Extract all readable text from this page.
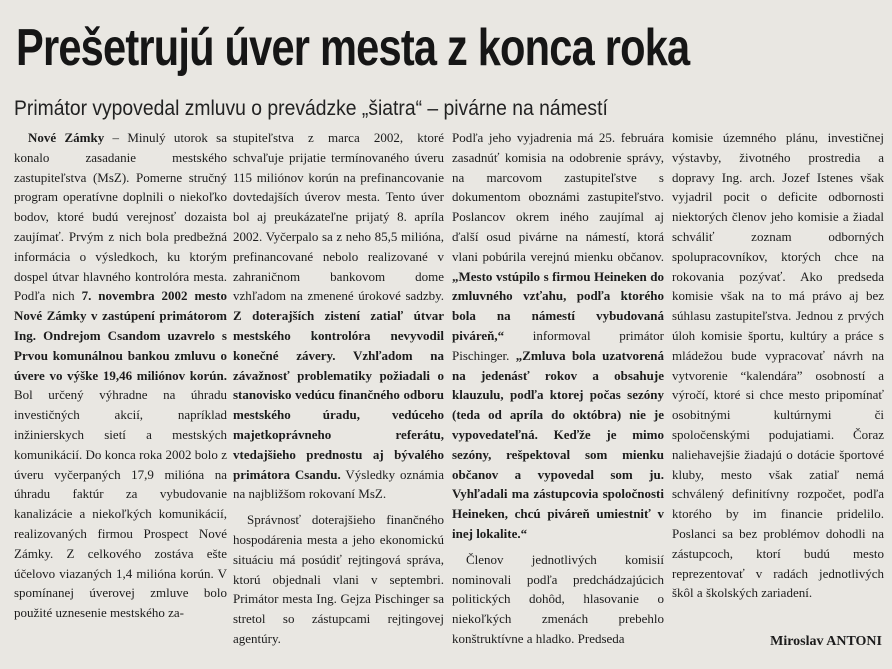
Prešetrujú úver mesta z konca roka
Primátor vypovedal zmluvu o prevádzke „šiatra“ – pivárne na námestí

Nové Zámky – Minulý utorok sa konalo zasadanie mestského zastupiteľstva (MsZ). Pomerne stručný program operatívne doplnili o niekoľko bodov, ktoré budú verejnosť dozaista zaujímať. Prvým z nich bola predbežná informácia o výsledkoch, ku ktorým dospel útvar hlavného kontrolóra mesta. Podľa nich 7. novembra 2002 mesto Nové Zámky v zastúpení primátorom Ing. Ondrejom Csandom uzavrelo s Prvou komunálnou bankou zmluvu o úvere vo výške 19,46 miliónov korún. Bol určený výhradne na úhradu investičných akcií, napríklad inžinierskych sietí a mestských komunikácií. Do konca roka 2002 bolo z úveru vyčerpaných 17,9 milióna na úhradu faktúr za vybudovanie kanalizácie a niekoľkých komunikácií, realizovaných firmou Prospect Nové Zámky. Z celkového zostáva ešte účelovo viazaných 1,4 milióna korún. V spomínanej úverovej zmluve bolo použité uznesenie mestského za-

stupiteľstva z marca 2002, ktoré schvaľuje prijatie termínovaného úveru 115 miliónov korún na prefinancovanie dovtedajších úverov mesta. Tento úver bol aj preukázateľne prijatý 8. apríla 2002. Vyčerpalo sa z neho 85,5 milióna, prefinancované nebolo realizované v zahraničnom bankovom dome vzhľadom na zmenené úrokové sadzby. Z doterajších zistení zatiaľ útvar mestského kontrolóra nevyvodil konečné závery. Vzhľadom na závažnosť problematiky požiadali o stanovisko vedúcu finančného odboru mestského úradu, vedúceho majetkoprávneho referátu, vtedajšieho prednostu aj bývalého primátora Csandu. Výsledky oznámia na najbližšom rokovaní MsZ.

Správnosť doterajšieho finančného hospodárenia mesta a jeho ekonomickú situáciu má posúdiť rejtingová správa, ktorú objednali vlani v septembri. Primátor mesta Ing. Gejza Pischinger sa stretol so zástupcami rejtingovej agentúry.

Podľa jeho vyjadrenia má 25. februára zasadnúť komisia na odobrenie správy, na marcovom zastupiteľstve s dokumentom oboznámi zastupiteľstvo. Poslancov okrem iného zaujímal aj ďalší osud pivárne na námestí, ktorá vlani pobúrila verejnú mienku občanov. „Mesto vstúpilo s firmou Heineken do zmluvného vzťahu, podľa ktorého bola na námestí vybudovaná piváreň,“ informoval primátor Pischinger. „Zmluva bola uzatvorená na jedenásť rokov a obsahuje klauzulu, podľa ktorej počas sezóny (teda od apríla do októbra) nie je vypovedateľná. Keďže je mimo sezóny, rešpektoval som mienku občanov a vypovedal som ju. Vyhľadali ma zástupcovia spoločnosti Heineken, chcú piváreň umiestniť v inej lokalite.“

Členov jednotlivých komisií nominovali podľa predchádzajúcich politických dohôd, hlasovanie o niekoľkých zmenách prebehlo konštruktívne a hladko. Predseda

komisie územného plánu, investičnej výstavby, životného prostredia a dopravy Ing. arch. Jozef Istenes však vyjadril pocit o deficite odbornosti niektorých členov jeho komisie a žiadal schváliť zoznam odborných spolupracovníkov, ktorých chce na rokovania pozývať. Ako predseda komisie však na to má právo aj bez súhlasu zastupiteľstva. Jednou z prvých úloh komisie športu, kultúry a práce s mládežou bude vypracovať návrh na vytvorenie “kalendára” osobností a výročí, ktoré si chce mesto pripomínať osobitnými kultúrnymi či spoločenskými podujatiami. Čoraz naliehavejšie žiadajú o dotácie športové kluby, mesto však zatiaľ nemá schválený definitívny rozpočet, podľa ktorého by im financie pridelilo. Poslanci sa bez problémov dohodli na zástupcoch, ktorí budú mesto reprezentovať v radách jednotlivých škôl a školských zariadení.

Miroslav ANTONI
